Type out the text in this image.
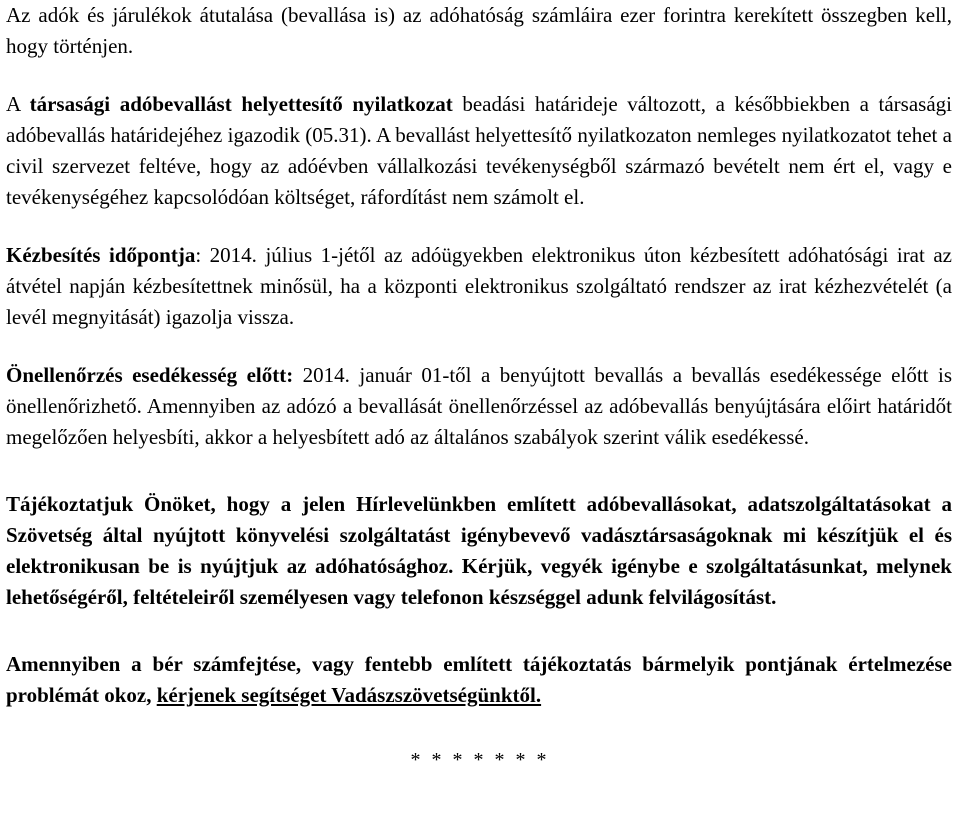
Az adók és járulékok átutalása (bevallása is) az adóhatóság számláira ezer forintra kerekített összegben kell, hogy történjen.

A társasági adóbevallást helyettesítő nyilatkozat beadási határideje változott, a későbbiekben a társasági adóbevallás határidejéhez igazodik (05.31). A bevallást helyettesítő nyilatkozaton nemleges nyilatkozatot tehet a civil szervezet feltéve, hogy az adóévben vállalkozási tevékenységből származó bevételt nem ért el, vagy e tevékenységéhez kapcsolódóan költséget, ráfordítást nem számolt el.

Kézbesítés időpontja: 2014. július 1-jétől az adóügyekben elektronikus úton kézbesített adóhatósági irat az átvétel napján kézbesítettnek minősül, ha a központi elektronikus szolgáltató rendszer az irat kézhezvételét (a levél megnyitását) igazolja vissza.

Önellenőrzés esedékesség előtt: 2014. január 01-től a benyújtott bevallás a bevallás esedékessége előtt is önellenőrizhető. Amennyiben az adózó a bevallását önellenőrzéssel az adóbevallás benyújtására előirt határidőt megelőzően helyesbíti, akkor a helyesbített adó az általános szabályok szerint válik esedékessé.

Tájékoztatjuk Önöket, hogy a jelen Hírlevelünkben említett adóbevallásokat, adatszolgáltatásokat a Szövetség által nyújtott könyvelési szolgáltatást igénybevevő vadásztársaságoknak mi készítjük el és elektronikusan be is nyújtjuk az adóhatósághoz. Kérjük, vegyék igénybe e szolgáltatásunkat, melynek lehetőségéről, feltételeiről személyesen vagy telefonon készséggel adunk felvilágosítást.

Amennyiben a bér számfejtése, vagy fentebb említett tájékoztatás bármelyik pontjának értelmezése problémát okoz, kérjenek segítséget Vadászszövetségünktől.

* * * * * * *
